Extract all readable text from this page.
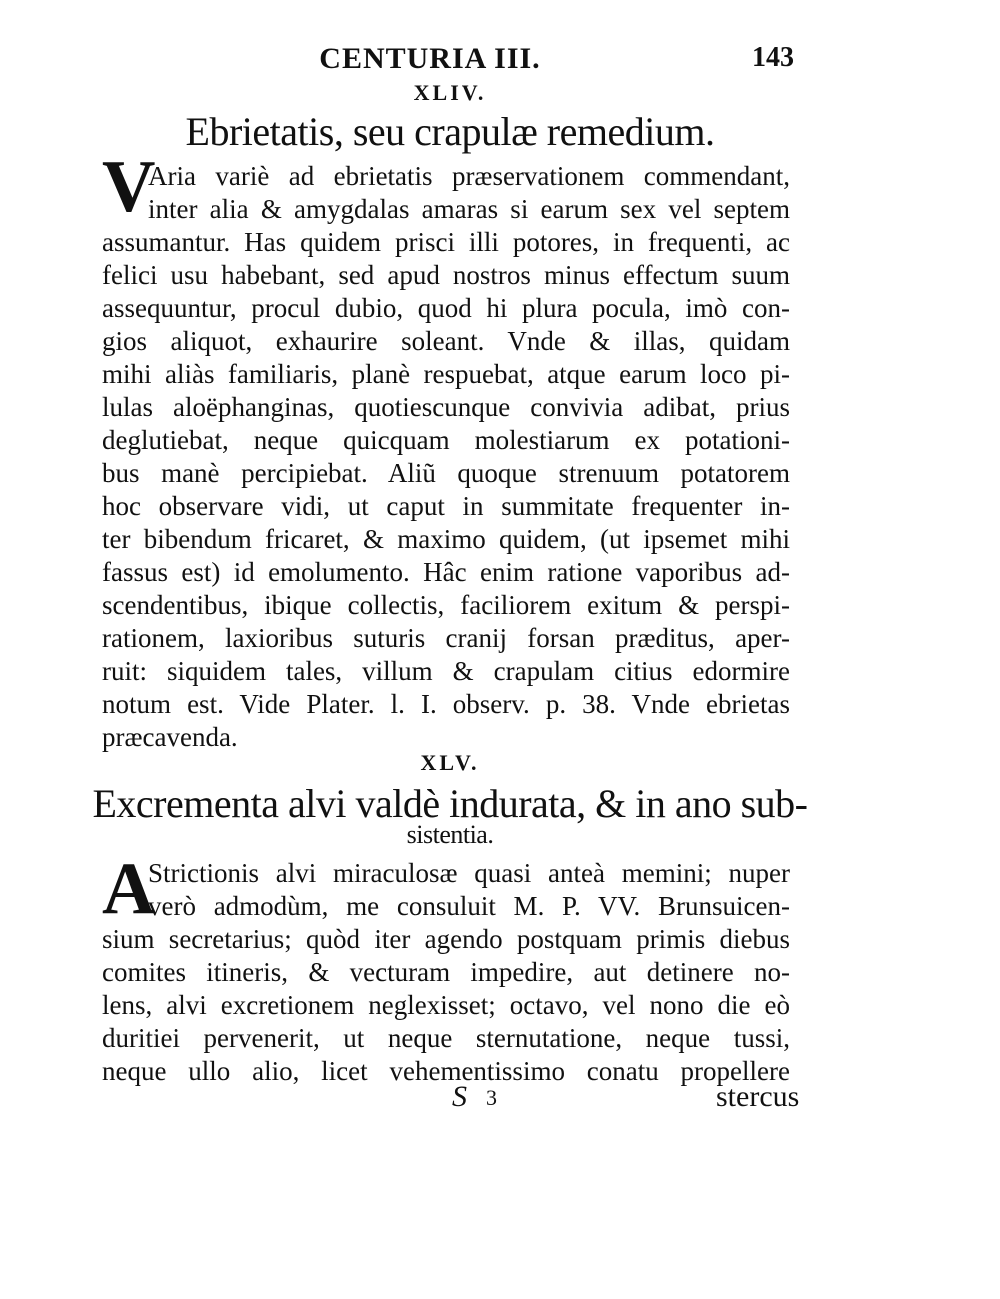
CENTURIA III.	143
XLIV.
Ebrietatis, seu crapulæ remedium.
V
Aria variè ad ebrietatis præservationem commendant,
inter alia & amygdalas amaras si earum sex vel septem
assumantur. Has quidem prisci illi potores, in frequenti, ac
felici usu habebant, sed apud nostros minus effectum suum
assequuntur, procul dubio, quod hi plura pocula, imò con-
gios aliquot, exhaurire soleant. Vnde & illas, quidam
mihi aliàs familiaris, planè respuebat, atque earum loco pi-
lulas aloëphanginas, quotiescunque convivia adibat, prius
deglutiebat, neque quicquam molestiarum ex potationi-
bus manè percipiebat. Aliũ quoque strenuum potatorem
hoc observare vidi, ut caput in summitate frequenter in-
ter bibendum fricaret, & maximo quidem, (ut ipsemet mihi
fassus est) id emolumento. Hâc enim ratione vaporibus ad-
scendentibus, ibique collectis, faciliorem exitum & perspi-
rationem, laxioribus suturis cranij forsan præditus, aper-
ruit: siquidem tales, villum & crapulam citius edormire
notum est. Vide Plater. l. I. observ. p. 38. Vnde ebrietas
præcavenda.
XLV.
Excrementa alvi valdè indurata, & in ano sub-
sistentia.
A
Strictionis alvi miraculosæ quasi anteà memini; nuper
verò admodùm, me consuluit M. P. VV. Brunsuicen-
sium secretarius; quòd iter agendo postquam primis diebus
comites itineris, & vecturam impedire, aut detinere no-
lens, alvi excretionem neglexisset; octavo, vel nono die eò
duritiei pervenerit, ut neque sternutatione, neque tussi,
neque ullo alio, licet vehementissimo conatu propellere
S 3	stercus
